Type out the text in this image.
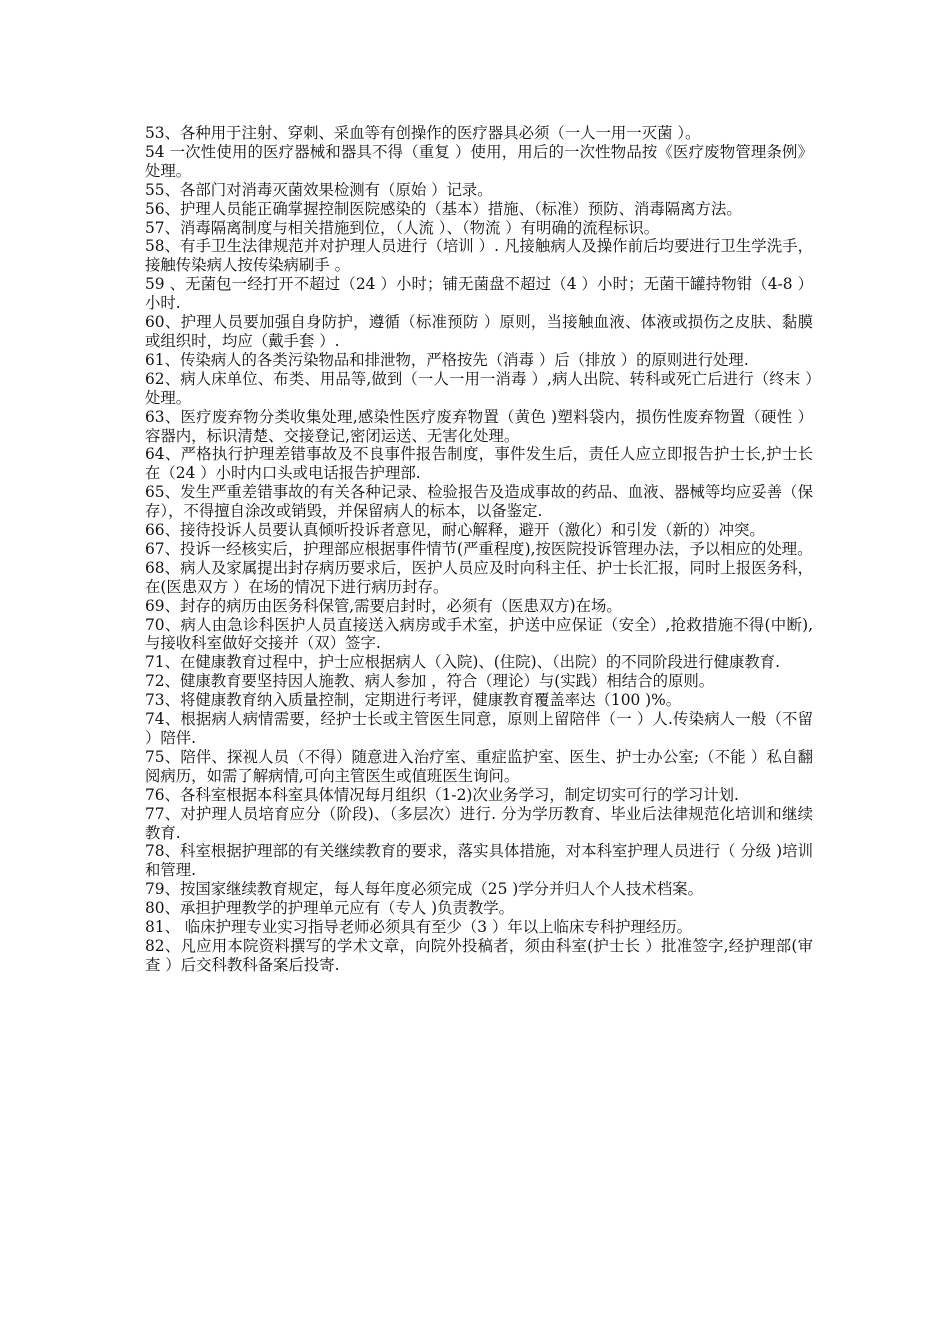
53、各种用于注射、穿刺、采血等有创操作的医疗器具必须（一人一用一灭菌 ）。

54 一次性使用的医疗器械和器具不得（重复 ）使用，用后的一次性物品按《医疗废物管理条例》处理。

55、各部门对消毒灭菌效果检测有（原始 ）记录。

56、护理人员能正确掌握控制医院感染的（基本）措施、（标准）预防、消毒隔离方法。

57、消毒隔离制度与相关措施到位，（人流 ）、（物流 ）有明确的流程标识。

58、有手卫生法律规范并对护理人员进行（培训 ）. 凡接触病人及操作前后均要进行卫生学洗手，接触传染病人按传染病刷手 。

59 、无菌包一经打开不超过（24 ）小时；铺无菌盘不超过（4 ）小时；无菌干罐持物钳（4-8 ）小时.

60、护理人员要加强自身防护，遵循（标准预防 ）原则，当接触血液、体液或损伤之皮肤、黏膜或组织时，均应（戴手套 ）.

61、传染病人的各类污染物品和排泄物，严格按先（消毒 ）后（排放 ）的原则进行处理.

62、病人床单位、布类、用品等,做到（一人一用一消毒 ）,病人出院、转科或死亡后进行（终末 ）处理。

63、医疗废弃物分类收集处理,感染性医疗废弃物置（黄色 )塑料袋内，损伤性废弃物置（硬性 ）容器内，标识清楚、交接登记,密闭运送、无害化处理。

64、严格执行护理差错事故及不良事件报告制度，事件发生后，责任人应立即报告护士长,护士长在（24 ）小时内口头或电话报告护理部.

65、发生严重差错事故的有关各种记录、检验报告及造成事故的药品、血液、器械等均应妥善（保存），不得擅自涂改或销毁，并保留病人的标本，以备鉴定.

66、接待投诉人员要认真倾听投诉者意见，耐心解释，避开（激化）和引发（新的）冲突。

67、投诉一经核实后，护理部应根据事件情节(严重程度),按医院投诉管理办法，予以相应的处理。

68、病人及家属提出封存病历要求后，医护人员应及时向科主任、护士长汇报，同时上报医务科，在(医患双方 ）在场的情况下进行病历封存。

69、封存的病历由医务科保管,需要启封时，必须有（医患双方)在场。

70、病人由急诊科医护人员直接送入病房或手术室，护送中应保证（安全）,抢救措施不得(中断),与接收科室做好交接并（双）签字.

71、在健康教育过程中，护士应根据病人（入院)、(住院)、（出院）的不同阶段进行健康教育.

72、健康教育要坚持因人施教、病人参加 ，符合（理论）与(实践）相结合的原则。

73、将健康教育纳入质量控制，定期进行考评，健康教育覆盖率达（100 )%。

74、根据病人病情需要，经护士长或主管医生同意，原则上留陪伴（一 ）人.传染病人一般（不留 ）陪伴.

75、陪伴、探视人员（不得）随意进入治疗室、重症监护室、医生、护士办公室;（不能 ）私自翻阅病历，如需了解病情,可向主管医生或值班医生询问。

76、各科室根据本科室具体情况每月组织（1-2)次业务学习，制定切实可行的学习计划.

77、对护理人员培育应分（阶段)、（多层次）进行. 分为学历教育、毕业后法律规范化培训和继续教育.

78、科室根据护理部的有关继续教育的要求，落实具体措施，对本科室护理人员进行（ 分级 )培训和管理.

79、按国家继续教育规定，每人每年度必须完成（25 )学分并归人个人技术档案。

80、承担护理教学的护理单元应有（专人 )负责教学。

81、 临床护理专业实习指导老师必须具有至少（3 ）年以上临床专科护理经历。

82、凡应用本院资料撰写的学术文章，向院外投稿者，须由科室(护士长 ）批准签字,经护理部(审查 ）后交科教科备案后投寄.
